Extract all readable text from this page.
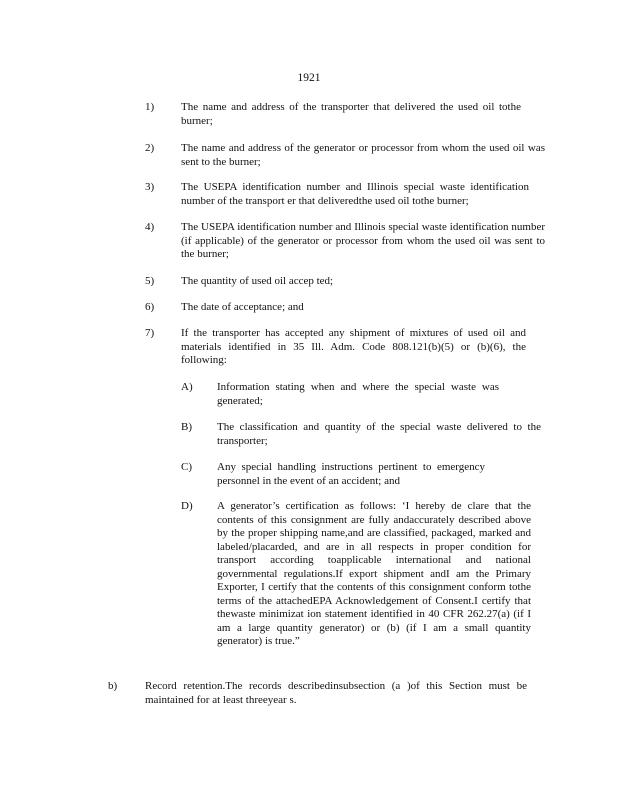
1921
1) The name and address of the transporter that delivered the used oil tothe burner;
2) The name and address of the generator or processor from whom the used oil was sent to the burner;
3) The USEPA identification number and Illinois special waste identification number of the transport er that deliveredthe used oil tothe burner;
4) The USEPA identification number and Illinois special waste identification number (if applicable) of the generator or processor from whom the used oil was sent to the burner;
5) The quantity of used oil accep ted;
6) The date of acceptance; and
7) If the transporter has accepted any shipment of mixtures of used oil and materials identified in 35 Ill. Adm. Code 808.121(b)(5) or (b)(6), the following:
A) Information stating when and where the special waste was generated;
B) The classification and quantity of the special waste delivered to the transporter;
C) Any special handling instructions pertinent to emergency personnel in the event of an accident; and
D) A generator’s certification as follows: ‘I hereby de clare that the contents of this consignment are fully andaccurately described above by the proper shipping name,and are classified, packaged, marked and labeled/placarded, and are in all respects in proper condition for transport according toapplicable international and national governmental regulations.If export shipment andI am the Primary Exporter, I certify that the contents of this consignment conform tothe terms of the attachedEPA Acknowledgement of Consent.I certify that thewaste minimizat ion statement identified in 40 CFR 262.27(a) (if I am a large quantity generator) or (b) (if I am a small quantity generator) is true.”
b)	Record retention.The records describedinsubsection (a )of this Section must be maintained for at least threeyear s.
